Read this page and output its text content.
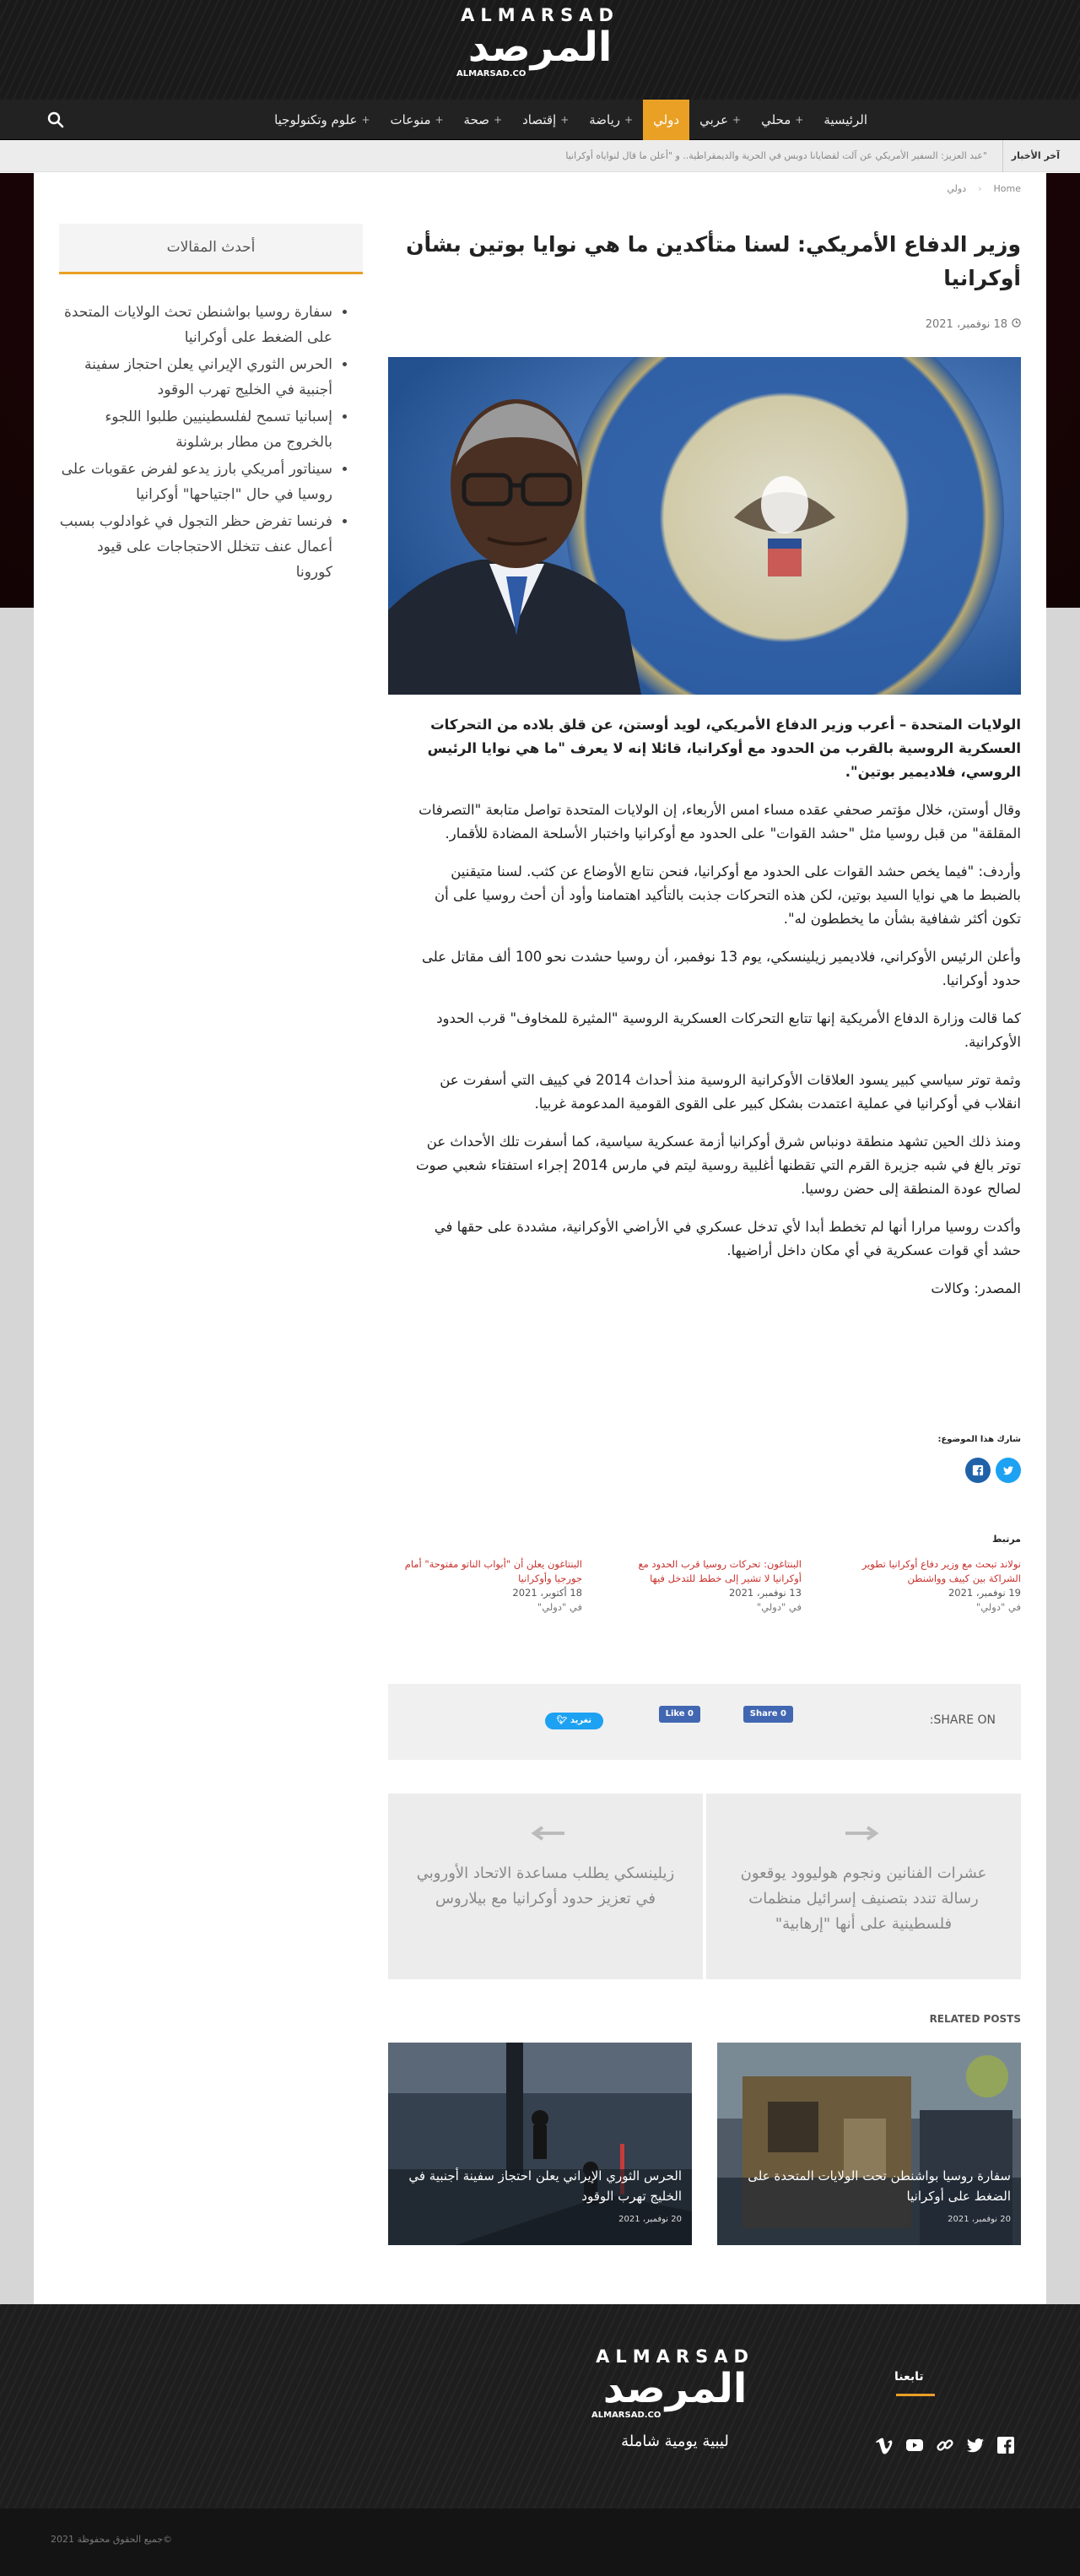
ALMARSAD
المرصد
ALMARSAD.CO
الرئيسية
محلي +
عربي +
دولي
رياضة +
إقتصاد +
صحة +
منوعات +
علوم وتكنولوجيا +
آخر الأخبار
عبد العزيز: السفير الأمريكي عن آلت لقضايانا دوبس في الحرية والديمقراطية.. و "أعلن ما قال لنواياه أوكرانيا"
Home
›
دولي
وزير الدفاع الأمريكي: لسنا متأكدين ما هي نوايا بوتين بشأن أوكرانيا
18 نوفمبر، 2021

الولايات المتحدة – أعرب وزير الدفاع الأمريكي، لويد أوستن، عن قلق بلاده من التحركات العسكرية الروسية بالقرب من الحدود مع أوكرانيا، قائلا إنه لا يعرف "ما هي نوايا الرئيس الروسي، فلاديمير بوتين".

وقال أوستن، خلال مؤتمر صحفي عقده مساء امس الأربعاء، إن الولايات المتحدة تواصل متابعة "التصرفات المقلقة" من قبل روسيا مثل "حشد القوات" على الحدود مع أوكرانيا واختبار الأسلحة المضادة للأقمار.

وأردف: "فيما يخص حشد القوات على الحدود مع أوكرانيا، فنحن نتابع الأوضاع عن كثب. لسنا متيقنين بالضبط ما هي نوايا السيد بوتين، لكن هذه التحركات جذبت بالتأكيد اهتمامنا وأود أن أحث روسيا على أن تكون أكثر شفافية بشأن ما يخططون له".

وأعلن الرئيس الأوكراني، فلاديمير زيلينسكي، يوم 13 نوفمبر، أن روسيا حشدت نحو 100 ألف مقاتل على حدود أوكرانيا.

كما قالت وزارة الدفاع الأمريكية إنها تتابع التحركات العسكرية الروسية "المثيرة للمخاوف" قرب الحدود الأوكرانية.

وثمة توتر سياسي كبير يسود العلاقات الأوكرانية الروسية منذ أحداث 2014 في كييف التي أسفرت عن انقلاب في أوكرانيا في عملية اعتمدت بشكل كبير على القوى القومية المدعومة غربيا.

ومنذ ذلك الحين تشهد منطقة دونباس شرق أوكرانيا أزمة عسكرية سياسية، كما أسفرت تلك الأحداث عن توتر بالغ في شبه جزيرة القرم التي تقطنها أغلبية روسية ليتم في مارس 2014 إجراء استفتاء شعبي صوت لصالح عودة المنطقة إلى حضن روسيا.

وأكدت روسيا مرارا أنها لم تخطط أبدا لأي تدخل عسكري في الأراضي الأوكرانية، مشددة على حقها في حشد أي قوات عسكرية في أي مكان داخل أراضيها.

المصدر: وكالات

شارك هذا الموضوع:
مرتبط
نولاند تبحث مع وزير دفاع أوكرانيا تطوير الشراكة بين كييف وواشنطن
19 نوفمبر، 2021
في "دولي"
البنتاغون: تحركات روسيا قرب الحدود مع أوكرانيا لا تشير إلى خطط للتدخل فيها
13 نوفمبر، 2021
في "دولي"
البنتاغون يعلن أن "أبواب الناتو مفتوحة" أمام جورجيا وأوكرانيا
18 أكتوبر، 2021
في "دولي"
SHARE ON:
Share 0
Like 0
تغريد 🐦︎
عشرات الفنانين ونجوم هوليوود يوقعون رسالة تندد بتصنيف إسرائيل منظمات فلسطينية على أنها "إرهابية"
زيلينسكي يطلب مساعدة الاتحاد الأوروبي في تعزيز حدود أوكرانيا مع بيلاروس
RELATED POSTS
سفارة روسيا بواشنطن تحت الولايات المتحدة على الضغط على أوكرانيا
20 نوفمبر، 2021
الحرس الثوري الإيراني يعلن احتجاز سفينة أجنبية في الخليج تهرب الوقود
20 نوفمبر، 2021
أحدث المقالات
• سفارة روسيا بواشنطن تحث الولايات المتحدة على الضغط على أوكرانيا
• الحرس الثوري الإيراني يعلن احتجاز سفينة أجنبية في الخليج تهرب الوقود
• إسبانيا تسمح لفلسطينيين طلبوا اللجوء بالخروج من مطار برشلونة
• سيناتور أمريكي بارز يدعو لفرض عقوبات على روسيا في حال "اجتياحها" أوكرانيا
• فرنسا تفرض حظر التجول في غوادلوب بسبب أعمال عنف تتخلل الاحتجاجات على قيود كورونا
ALMARSAD
المرصد
ALMARSAD.CO
ليبية يومية شاملة
تابعنا
جميع الحقوق محفوظة 2021©
